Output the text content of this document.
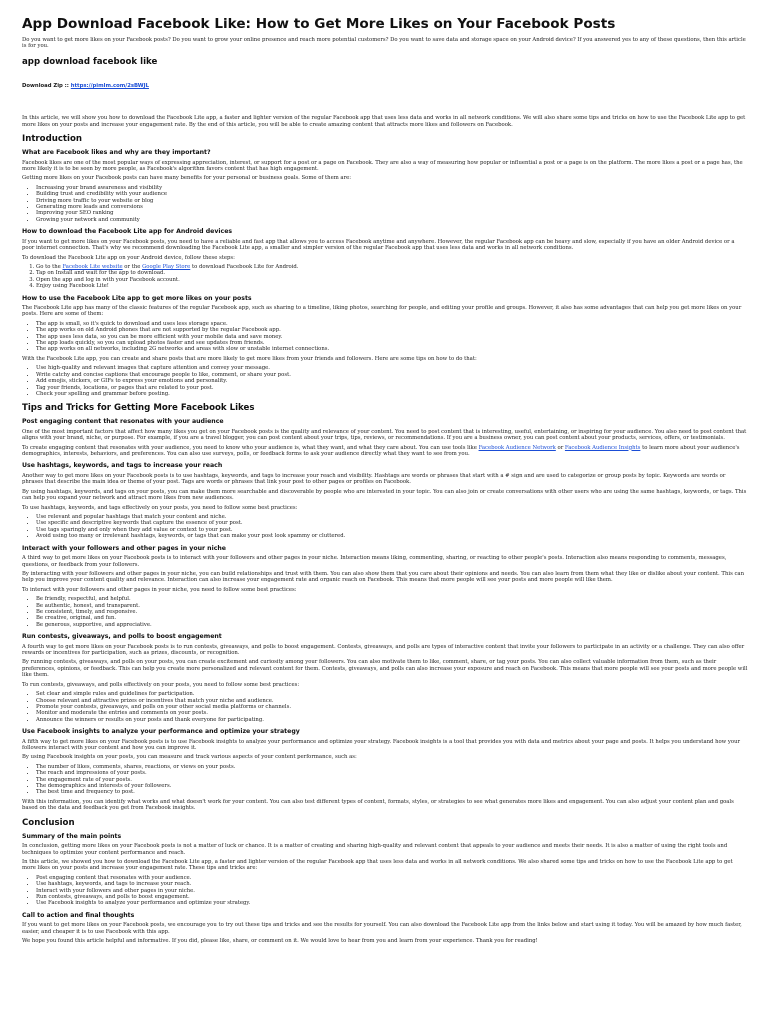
App Download Facebook Like: How to Get More Likes on Your Facebook Posts

Do you want to get more likes on your Facebook posts? Do you want to grow your online presence and reach more potential customers? Do you want to save data and storage space on your Android device? If you answered yes to any of these questions, then this article is for you.

app download facebook like

Download Zip :: https://pimlm.com/2sBWJL

In this article, we will show you how to download the Facebook Lite app, a faster and lighter version of the regular Facebook app that uses less data and works in all network conditions. We will also share some tips and tricks on how to use the Facebook Lite app to get more likes on your posts and increase your engagement rate. By the end of this article, you will be able to create amazing content that attracts more likes and followers on Facebook.

Introduction
What are Facebook likes and why are they important?

Facebook likes are one of the most popular ways of expressing appreciation, interest, or support for a post or a page on Facebook. They are also a way of measuring how popular or influential a post or a page is on the platform. The more likes a post or a page has, the more likely it is to be seen by more people, as Facebook's algorithm favors content that has high engagement.

Getting more likes on your Facebook posts can have many benefits for your personal or business goals. Some of them are:

• Increasing your brand awareness and visibility
• Building trust and credibility with your audience
• Driving more traffic to your website or blog
• Generating more leads and conversions
• Improving your SEO ranking
• Growing your network and community
How to download the Facebook Lite app for Android devices

If you want to get more likes on your Facebook posts, you need to have a reliable and fast app that allows you to access Facebook anytime and anywhere. However, the regular Facebook app can be heavy and slow, especially if you have an older Android device or a poor internet connection. That's why we recommend downloading the Facebook Lite app, a smaller and simpler version of the regular Facebook app that uses less data and works in all network conditions.

To download the Facebook Lite app on your Android device, follow these steps:

1. Go to the Facebook Lite website or the Google Play Store to download Facebook Lite for Android.
2. Tap on Install and wait for the app to download.
3. Open the app and log in with your Facebook account.
4. Enjoy using Facebook Lite!
How to use the Facebook Lite app to get more likes on your posts

The Facebook Lite app has many of the classic features of the regular Facebook app, such as sharing to a timeline, liking photos, searching for people, and editing your profile and groups. However, it also has some advantages that can help you get more likes on your posts. Here are some of them:

• The app is small, so it's quick to download and uses less storage space.
• The app works on old Android phones that are not supported by the regular Facebook app.
• The app uses less data, so you can be more efficient with your mobile data and save money.
• The app loads quickly, so you can upload photos faster and see updates from friends.
• The app works on all networks, including 2G networks and areas with slow or unstable internet connections.

With the Facebook Lite app, you can create and share posts that are more likely to get more likes from your friends and followers. Here are some tips on how to do that:

• Use high-quality and relevant images that capture attention and convey your message.
• Write catchy and concise captions that encourage people to like, comment, or share your post.
• Add emojis, stickers, or GIFs to express your emotions and personality.
• Tag your friends, locations, or pages that are related to your post.
• Check your spelling and grammar before posting.
Tips and Tricks for Getting More Facebook Likes
Post engaging content that resonates with your audience

One of the most important factors that affect how many likes you get on your Facebook posts is the quality and relevance of your content. You need to post content that is interesting, useful, entertaining, or inspiring for your audience. You also need to post content that aligns with your brand, niche, or purpose. For example, if you are a travel blogger, you can post content about your trips, tips, reviews, or recommendations. If you are a business owner, you can post content about your products, services, offers, or testimonials.

To create engaging content that resonates with your audience, you need to know who your audience is, what they want, and what they care about. You can use tools like Facebook Audience Network or Facebook Audience Insights to learn more about your audience's demographics, interests, behaviors, and preferences. You can also use surveys, polls, or feedback forms to ask your audience directly what they want to see from you.

Use hashtags, keywords, and tags to increase your reach

Another way to get more likes on your Facebook posts is to use hashtags, keywords, and tags to increase your reach and visibility. Hashtags are words or phrases that start with a # sign and are used to categorize or group posts by topic. Keywords are words or phrases that describe the main idea or theme of your post. Tags are words or phrases that link your post to other pages or profiles on Facebook.

By using hashtags, keywords, and tags on your posts, you can make them more searchable and discoverable by people who are interested in your topic. You can also join or create conversations with other users who are using the same hashtags, keywords, or tags. This can help you expand your network and attract more likes from new audiences.

To use hashtags, keywords, and tags effectively on your posts, you need to follow some best practices:

• Use relevant and popular hashtags that match your content and niche.
• Use specific and descriptive keywords that capture the essence of your post.
• Use tags sparingly and only when they add value or context to your post.
• Avoid using too many or irrelevant hashtags, keywords, or tags that can make your post look spammy or cluttered.
Interact with your followers and other pages in your niche

A third way to get more likes on your Facebook posts is to interact with your followers and other pages in your niche. Interaction means liking, commenting, sharing, or reacting to other people's posts. Interaction also means responding to comments, messages, questions, or feedback from your followers.

By interacting with your followers and other pages in your niche, you can build relationships and trust with them. You can also show them that you care about their opinions and needs. You can also learn from them what they like or dislike about your content. This can help you improve your content quality and relevance. Interaction can also increase your engagement rate and organic reach on Facebook. This means that more people will see your posts and more people will like them.

To interact with your followers and other pages in your niche, you need to follow some best practices:

• Be friendly, respectful, and helpful.
• Be authentic, honest, and transparent.
• Be consistent, timely, and responsive.
• Be creative, original, and fun.
• Be generous, supportive, and appreciative.
Run contests, giveaways, and polls to boost engagement

A fourth way to get more likes on your Facebook posts is to run contests, giveaways, and polls to boost engagement. Contests, giveaways, and polls are types of interactive content that invite your followers to participate in an activity or a challenge. They can also offer rewards or incentives for participation, such as prizes, discounts, or recognition.

By running contests, giveaways, and polls on your posts, you can create excitement and curiosity among your followers. You can also motivate them to like, comment, share, or tag your posts. You can also collect valuable information from them, such as their preferences, opinions, or feedback. This can help you create more personalized and relevant content for them. Contests, giveaways, and polls can also increase your exposure and reach on Facebook. This means that more people will see your posts and more people will like them.

To run contests, giveaways, and polls effectively on your posts, you need to follow some best practices:

• Set clear and simple rules and guidelines for participation.
• Choose relevant and attractive prizes or incentives that match your niche and audience.
• Promote your contests, giveaways, and polls on your other social media platforms or channels.
• Monitor and moderate the entries and comments on your posts.
• Announce the winners or results on your posts and thank everyone for participating.
Use Facebook insights to analyze your performance and optimize your strategy

A fifth way to get more likes on your Facebook posts is to use Facebook insights to analyze your performance and optimize your strategy. Facebook insights is a tool that provides you with data and metrics about your page and posts. It helps you understand how your followers interact with your content and how you can improve it.

By using Facebook insights on your posts, you can measure and track various aspects of your content performance, such as:

• The number of likes, comments, shares, reactions, or views on your posts.
• The reach and impressions of your posts.
• The engagement rate of your posts.
• The demographics and interests of your followers.
• The best time and frequency to post.

With this information, you can identify what works and what doesn't work for your content. You can also test different types of content, formats, styles, or strategies to see what generates more likes and engagement. You can also adjust your content plan and goals based on the data and feedback you get from Facebook insights.

Conclusion
Summary of the main points

In conclusion, getting more likes on your Facebook posts is not a matter of luck or chance. It is a matter of creating and sharing high-quality and relevant content that appeals to your audience and meets their needs. It is also a matter of using the right tools and techniques to optimize your content performance and reach.

In this article, we showed you how to download the Facebook Lite app, a faster and lighter version of the regular Facebook app that uses less data and works in all network conditions. We also shared some tips and tricks on how to use the Facebook Lite app to get more likes on your posts and increase your engagement rate. These tips and tricks are:

• Post engaging content that resonates with your audience.
• Use hashtags, keywords, and tags to increase your reach.
• Interact with your followers and other pages in your niche.
• Run contests, giveaways, and polls to boost engagement.
• Use Facebook insights to analyze your performance and optimize your strategy.
Call to action and final thoughts

If you want to get more likes on your Facebook posts, we encourage you to try out these tips and tricks and see the results for yourself. You can also download the Facebook Lite app from the links below and start using it today. You will be amazed by how much faster, easier, and cheaper it is to use Facebook with this app.

We hope you found this article helpful and informative. If you did, please like, share, or comment on it. We would love to hear from you and learn from your experience. Thank you for reading!
